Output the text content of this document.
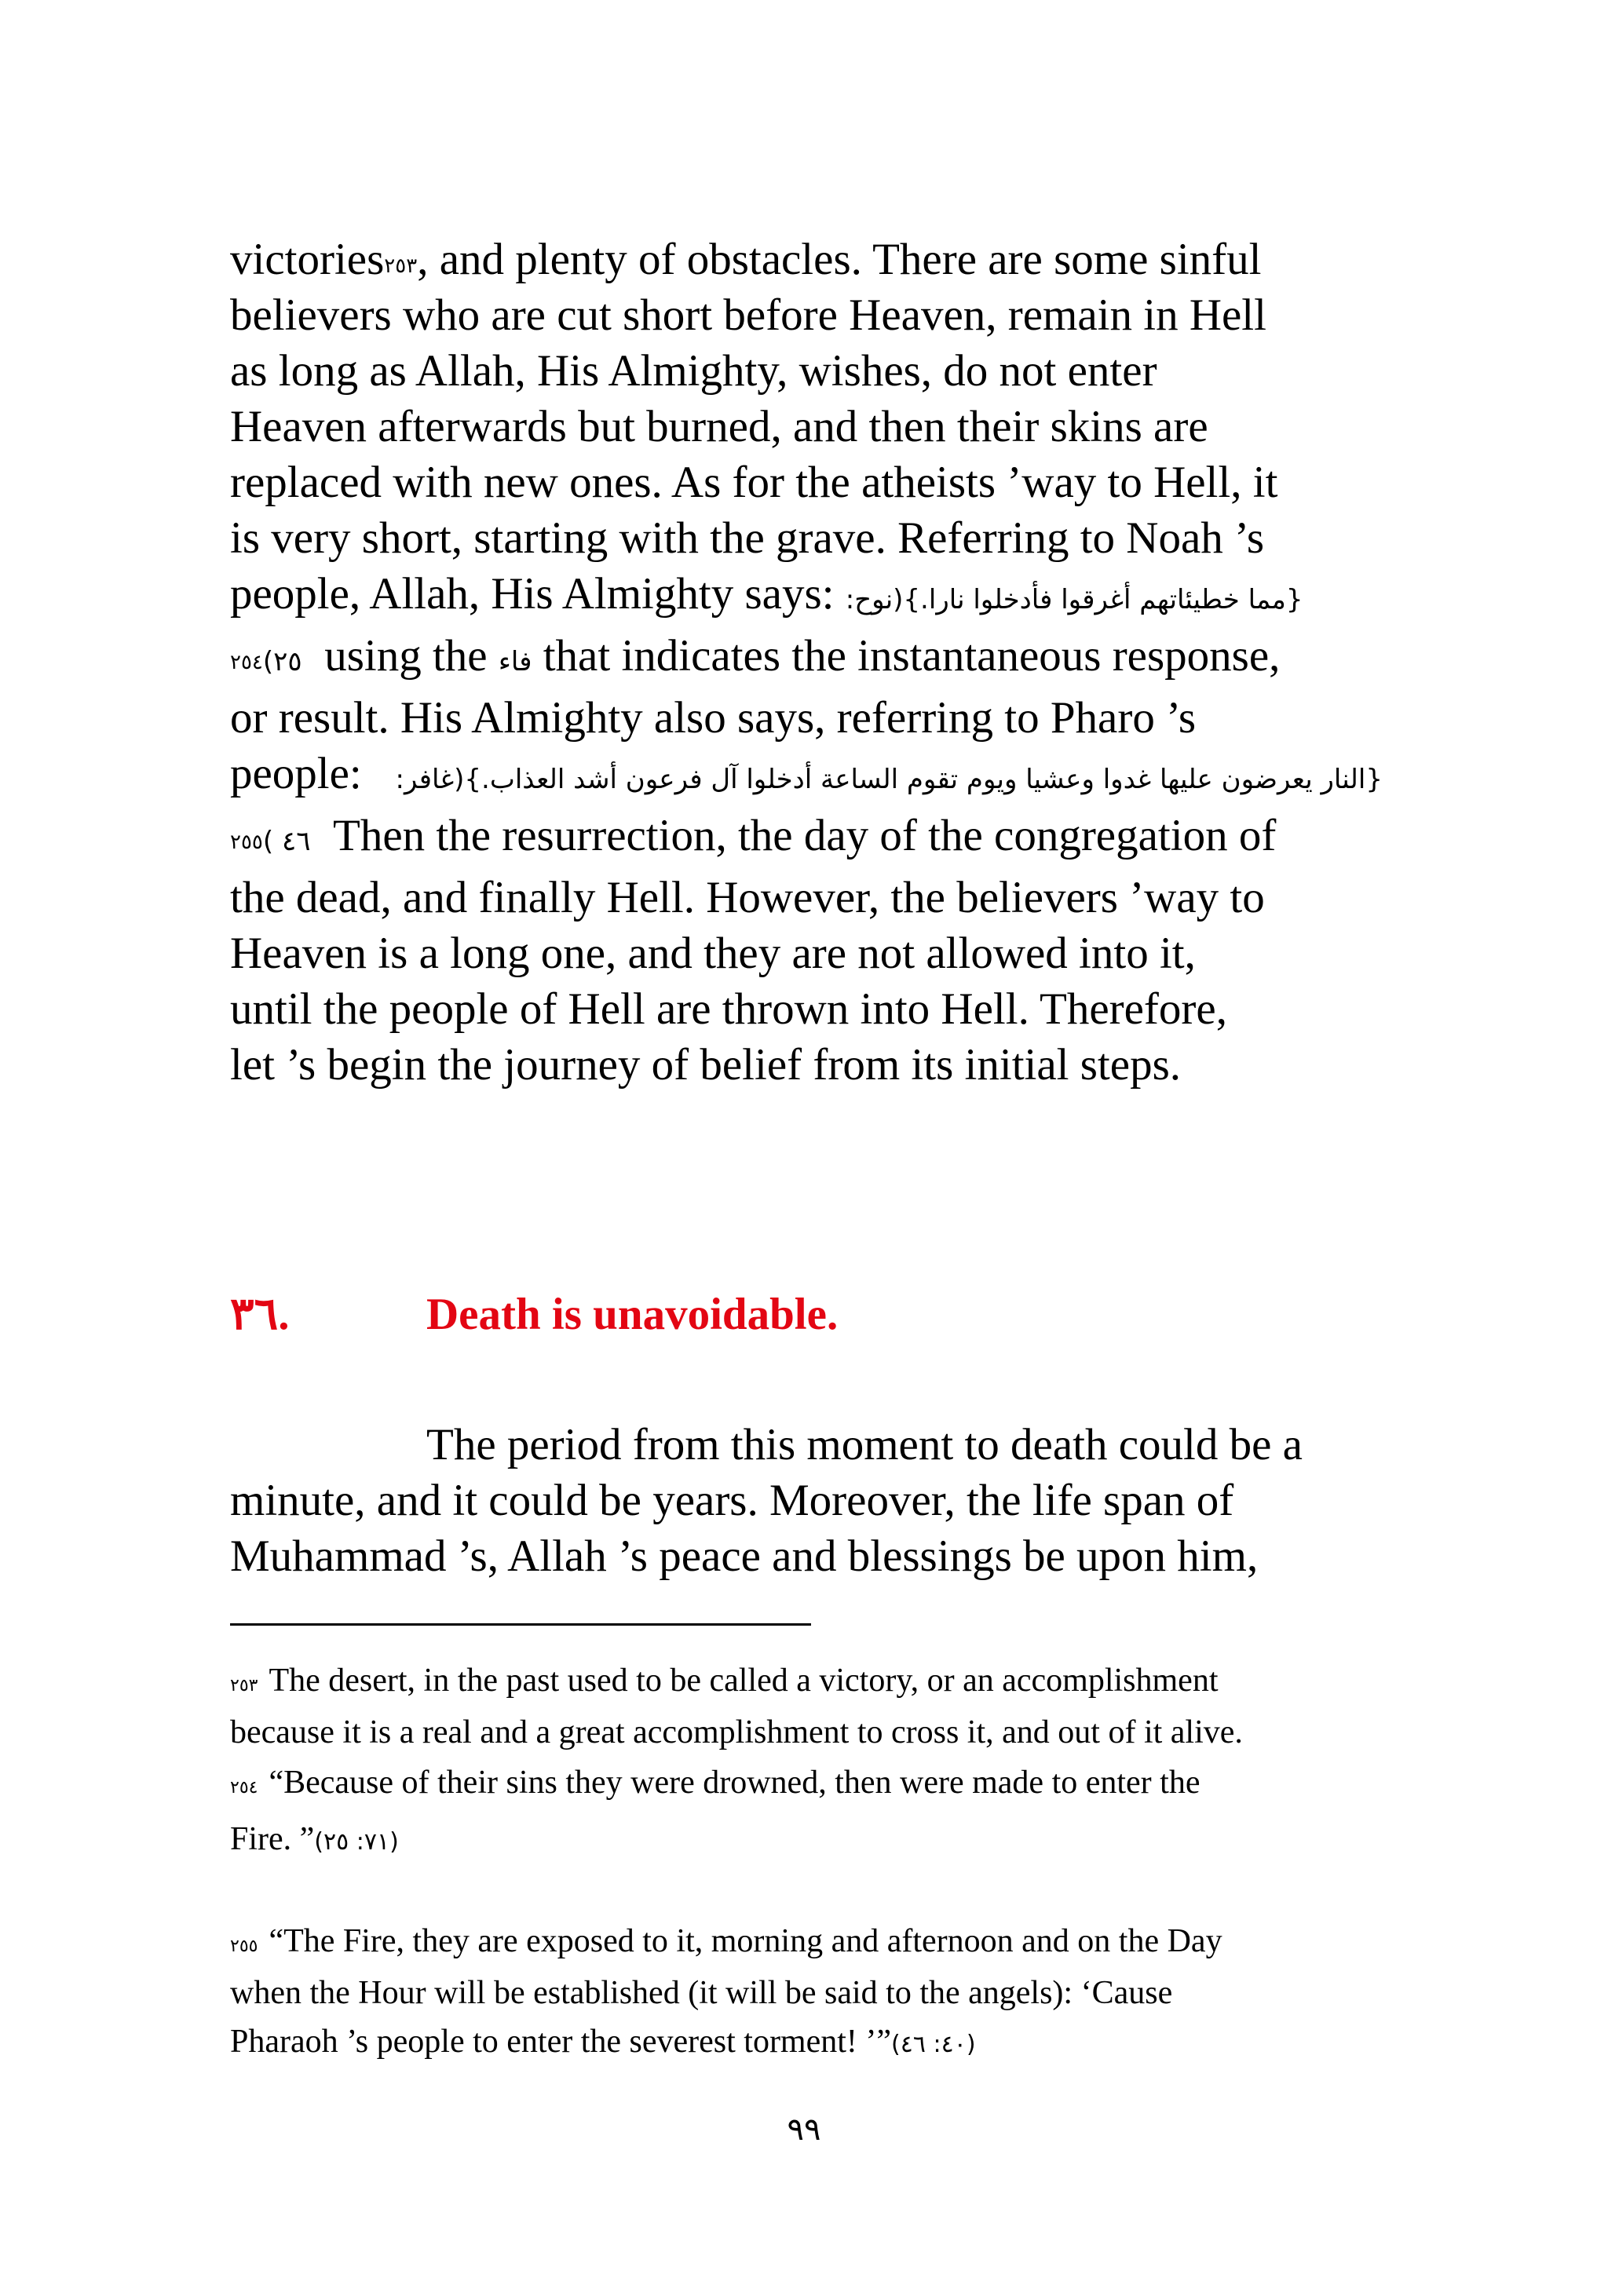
victories$^{٢٥٣}$, and plenty of obstacles. There are some sinful

believers who are cut short before Heaven, remain in Hell

as long as Allah, His Almighty, wishes, do not enter

Heaven afterwards but burned, and then their skins are

replaced with new ones. As for the atheists ’way to Hell, it

is very short, starting with the grave. Referring to Noah ’s

people, Allah, His Almighty says: {مما خطيئاتهم أغرقوا فأدخلوا نارا.}(نوح:

$^{٢٥٤}$٢٥) using the فاء that indicates the instantaneous response,

or result. His Almighty also says, referring to Pharo ’s

people: {النار يعرضون عليها غدوا وعشيا ويوم تقوم الساعة أدخلوا آل فرعون أشد العذاب.}(غافر:

$^{٢٥٥}$٤٦ ) Then the resurrection, the day of the congregation of

the dead, and finally Hell. However, the believers ’way to

Heaven is a long one, and they are not allowed into it,

until the people of Hell are thrown into Hell. Therefore,

let ’s begin the journey of belief from its initial steps.

٣٦.	Death is unavoidable.

The period from this moment to death could be a

minute, and it could be years. Moreover, the life span of

Muhammad ’s, Allah ’s peace and blessings be upon him,

$^{٢٥٣}$ The desert, in the past used to be called a victory, or an accomplishment

because it is a real and a great accomplishment to cross it, and out of it alive.

$^{٢٥٤}$ “Because of their sins they were drowned, then were made to enter the

Fire. ”(٧١: ٢٥)

$^{٢٥٥}$ “The Fire, they are exposed to it, morning and afternoon and on the Day

when the Hour will be established (it will be said to the angels): ‘Cause

Pharaoh ’s people to enter the severest torment! ’”(٤٠: ٤٦)

٩٩
